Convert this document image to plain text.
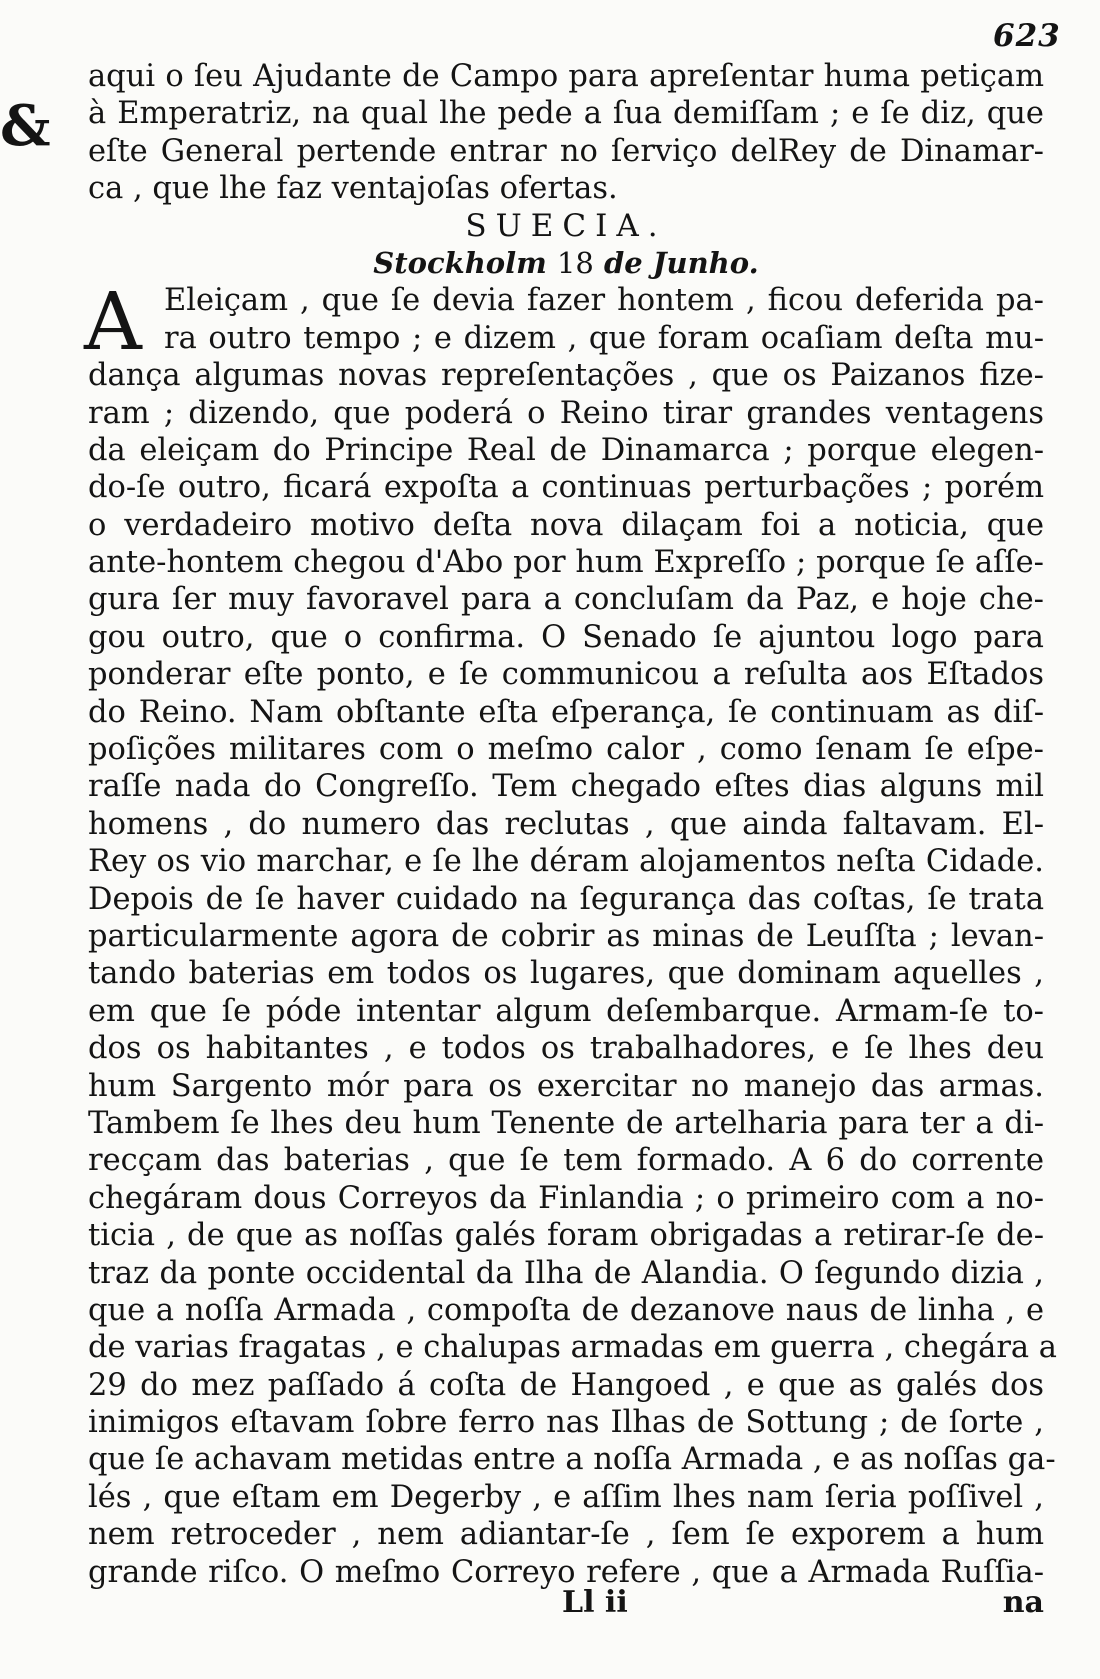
623
&
aqui o ſeu Ajudante de Campo para apreſentar huma petiçam
à Emperatriz, na qual lhe pede a ſua demiſſam ; e ſe diz, que
eſte General pertende entrar no ſerviço delRey de Dinamar-
ca , que lhe faz ventajoſas ofertas.
SUECIA.
Stockholm 18 de Junho.
A Eleiçam , que ſe devia fazer hontem , ficou deferida pa-
ra outro tempo ; e dizem , que foram ocaſiam deſta mu-
dança algumas novas repreſentações , que os Paizanos fize-
ram ; dizendo, que poderá o Reino tirar grandes ventagens
da eleiçam do Principe Real de Dinamarca ; porque elegen-
do-ſe outro, ficará expoſta a continuas perturbações ; porém
o verdadeiro motivo deſta nova dilaçam foi a noticia, que
ante-hontem chegou d'Abo por hum Expreſſo ; porque ſe aſſe-
gura ſer muy favoravel para a concluſam da Paz, e hoje che-
gou outro, que o confirma. O Senado ſe ajuntou logo para
ponderar eſte ponto, e ſe communicou a reſulta aos Eſtados
do Reino. Nam obſtante eſta eſperança, ſe continuam as diſ-
poſições militares com o meſmo calor , como ſenam ſe eſpe-
raſſe nada do Congreſſo. Tem chegado eſtes dias alguns mil
homens , do numero das reclutas , que ainda faltavam. El-
Rey os vio marchar, e ſe lhe déram alojamentos neſta Cidade.
Depois de ſe haver cuidado na ſegurança das coſtas, ſe trata
particularmente agora de cobrir as minas de Leuſſta ; levan-
tando baterias em todos os lugares, que dominam aquelles ,
em que ſe póde intentar algum deſembarque. Armam-ſe to-
dos os habitantes , e todos os trabalhadores, e ſe lhes deu
hum Sargento mór para os exercitar no manejo das armas.
Tambem ſe lhes deu hum Tenente de artelharia para ter a di-
recçam das baterias , que ſe tem formado. A 6 do corrente
chegáram dous Correyos da Finlandia ; o primeiro com a no-
ticia , de que as noſſas galés foram obrigadas a retirar-ſe de-
traz da ponte occidental da Ilha de Alandia. O ſegundo dizia ,
que a noſſa Armada , compoſta de dezanove naus de linha , e
de varias fragatas , e chalupas armadas em guerra , chegára a
29 do mez paſſado á coſta de Hangoed , e que as galés dos
inimigos eſtavam ſobre ferro nas Ilhas de Sottung ; de ſorte ,
que ſe achavam metidas entre a noſſa Armada , e as noſſas ga-
lés , que eſtam em Degerby , e aſſim lhes nam ſeria poſſivel ,
nem retroceder , nem adiantar-ſe , ſem ſe exporem a hum
grande riſco. O meſmo Correyo refere , que a Armada Ruſſia-
Ll ii	na
